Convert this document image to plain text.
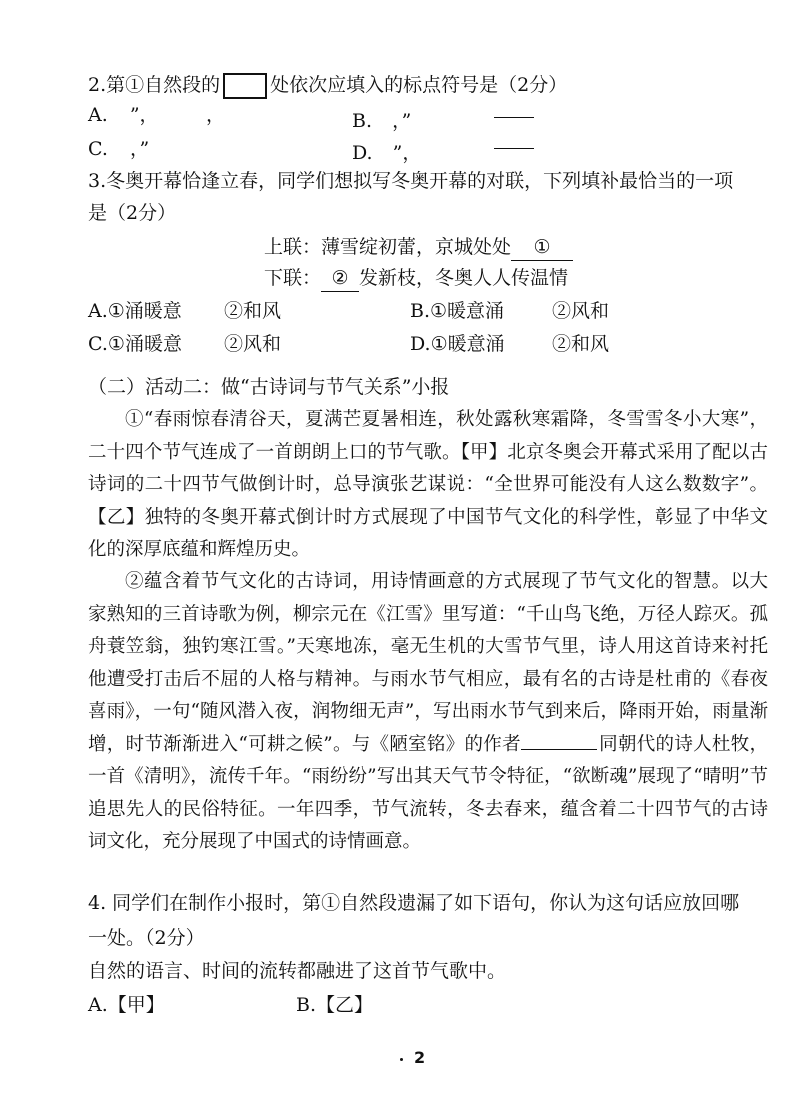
2.第①自然段的	处依次应填入的标点符号是（2分）
A. ”，　　　，	B. ，”
C. ，”	D. ”，
3.冬奥开幕恰逢立春，同学们想拟写冬奥开幕的对联，下列填补最恰当的一项
是（2分）
上联：薄雪绽初蕾，京城处处 ①
下联： ② 发新枝，冬奥人人传温情
A.①涌暖意 ②和风	B.①暖意涌	②风和
C.①涌暖意 ②风和	D.①暖意涌 ②和风
（二）活动二：做“古诗词与节气关系”小报
①“春雨惊春清谷天，夏满芒夏暑相连，秋处露秋寒霜降，冬雪雪冬小大寒”，二十四个节气连成了一首朗朗上口的节气歌。【甲】北京冬奥会开幕式采用了配以古诗词的二十四节气做倒计时，总导演张艺谋说：“全世界可能没有人这么数数字”。【乙】独特的冬奥开幕式倒计时方式展现了中国节气文化的科学性，彰显了中华文化的深厚底蕴和辉煌历史。
②蕴含着节气文化的古诗词，用诗情画意的方式展现了节气文化的智慧。以大家熟知的三首诗歌为例，柳宗元在《江雪》里写道：“千山鸟飞绝，万径人踪灭。孤舟蓑笠翁，独钓寒江雪。”天寒地冻，毫无生机的大雪节气里，诗人用这首诗来衬托他遭受打击后不屈的人格与精神。与雨水节气相应，最有名的古诗是杜甫的《春夜喜雨》，一句“随风潜入夜，润物细无声”，写出雨水节气到来后，降雨开始，雨量渐增，时节渐渐进入“可耕之候”。与《陋室铭》的作者	同朝代的诗人杜牧，一首《清明》，流传千年。“雨纷纷”写出其天气节令特征，“欲断魂”展现了“晴明”节追思先人的民俗特征。一年四季，节气流转，冬去春来，蕴含着二十四节气的古诗词文化，充分展现了中国式的诗情画意。
4. 同学们在制作小报时，第①自然段遗漏了如下语句，你认为这句话应放回哪
一处。（2分）
自然的语言、时间的流转都融进了这首节气歌中。
A.【甲】	B.【乙】
2
